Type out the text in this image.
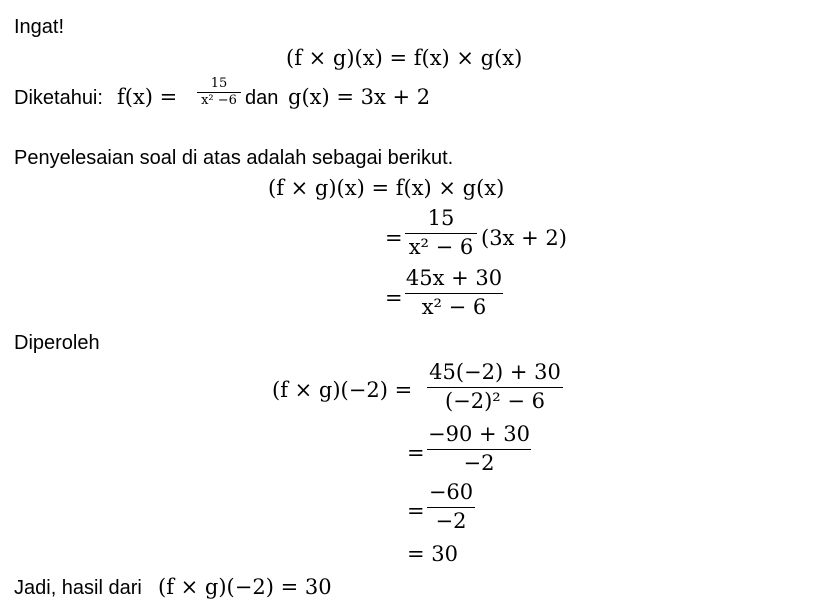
Ingat!
(f × g)(x) = f(x) × g(x)
Diketahui: f(x) =
15
x² −6 dan g(x) = 3x + 2
Penyelesaian soal di atas adalah sebagai berikut.
(f × g)(x) = f(x) × g(x)
=
15
x² − 6 (3x + 2)
=
45x + 30
x² − 6
Diperoleh
(f × g)(−2) =
45(−2) + 30
(−2)² − 6
=
−90 + 30
−2
=
−60
−2
= 30
Jadi, hasil dari (f × g)(−2) = 30
